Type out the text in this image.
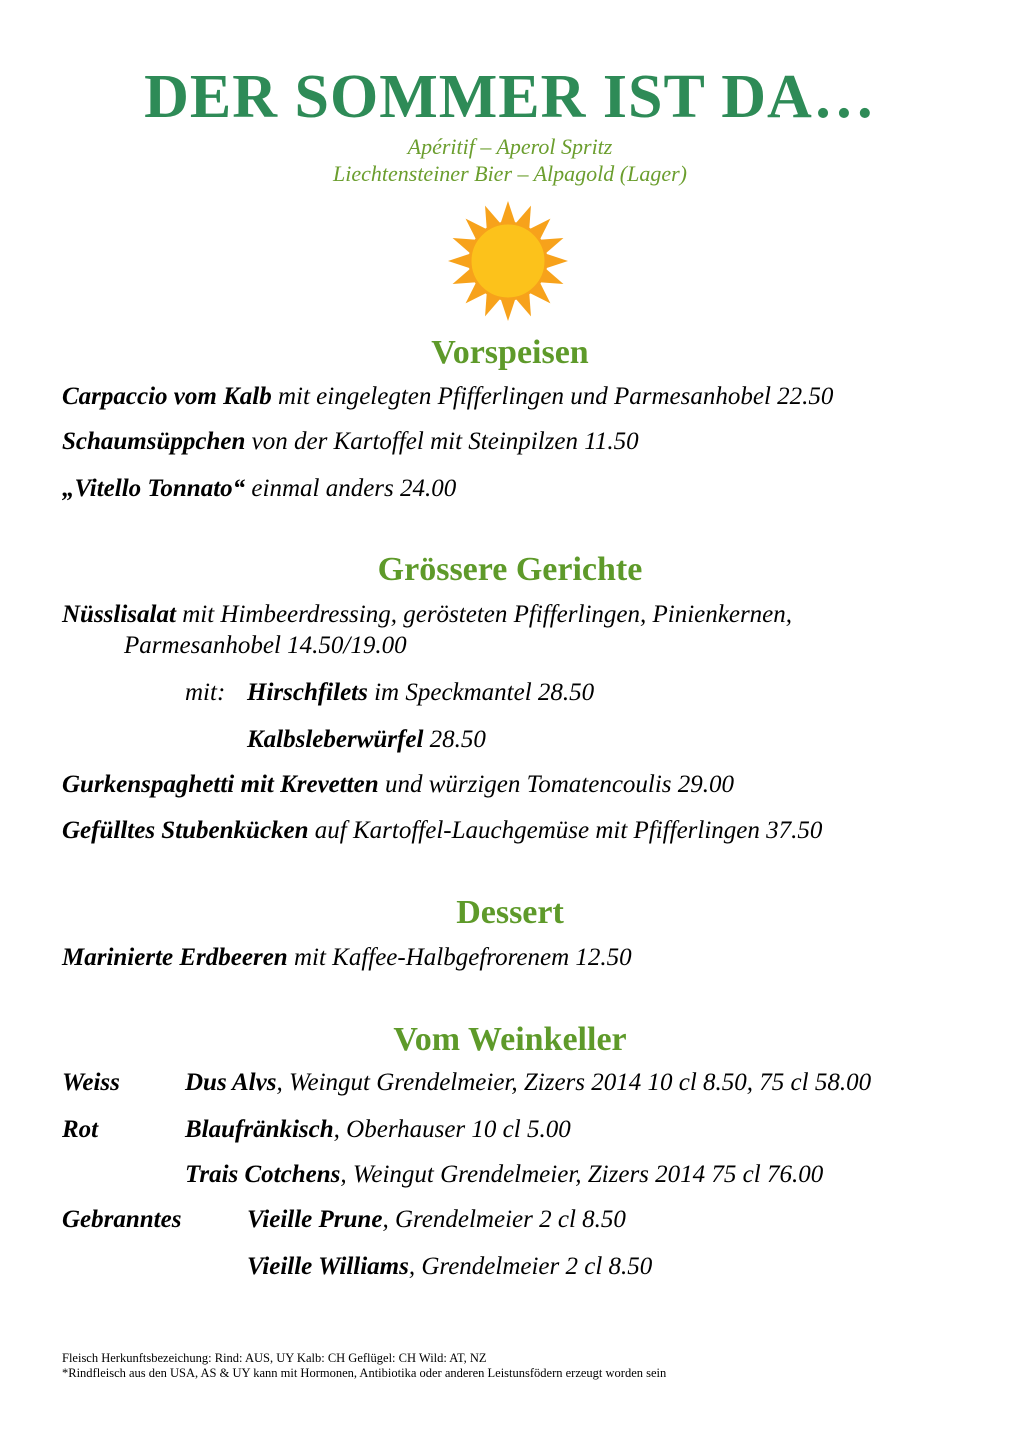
DER SOMMER IST DA…
Apéritif – Aperol Spritz
Liechtensteiner Bier – Alpagold (Lager)
Vorspeisen
Carpaccio vom Kalb mit eingelegten Pfifferlingen und Parmesanhobel 22.50
Schaumsüppchen von der Kartoffel mit Steinpilzen 11.50
„Vitello Tonnato“ einmal anders 24.00
Grössere Gerichte
Nüsslisalat mit Himbeerdressing, gerösteten Pfifferlingen, Pinienkernen,
Parmesanhobel 14.50/19.00
mit: Hirschfilets im Speckmantel 28.50
Kalbsleberwürfel 28.50
Gurkenspaghetti mit Krevetten und würzigen Tomatencoulis 29.00
Gefülltes Stubenkücken auf Kartoffel-Lauchgemüse mit Pfifferlingen 37.50
Dessert
Marinierte Erdbeeren mit Kaffee-Halbgefrorenem 12.50
Vom Weinkeller
Weiss	Dus Alvs, Weingut Grendelmeier, Zizers 2014 10 cl 8.50, 75 cl 58.00
Rot	Blaufränkisch, Oberhauser 10 cl 5.00
Trais Cotchens, Weingut Grendelmeier, Zizers 2014 75 cl 76.00
Gebranntes	Vieille Prune, Grendelmeier 2 cl 8.50
Vieille Williams, Grendelmeier 2 cl 8.50
Fleisch Herkunftsbezeichung: Rind: AUS, UY Kalb: CH Geflügel: CH Wild: AT, NZ
*Rindfleisch aus den USA, AS & UY kann mit Hormonen, Antibiotika oder anderen Leistunsfödern erzeugt worden sein
